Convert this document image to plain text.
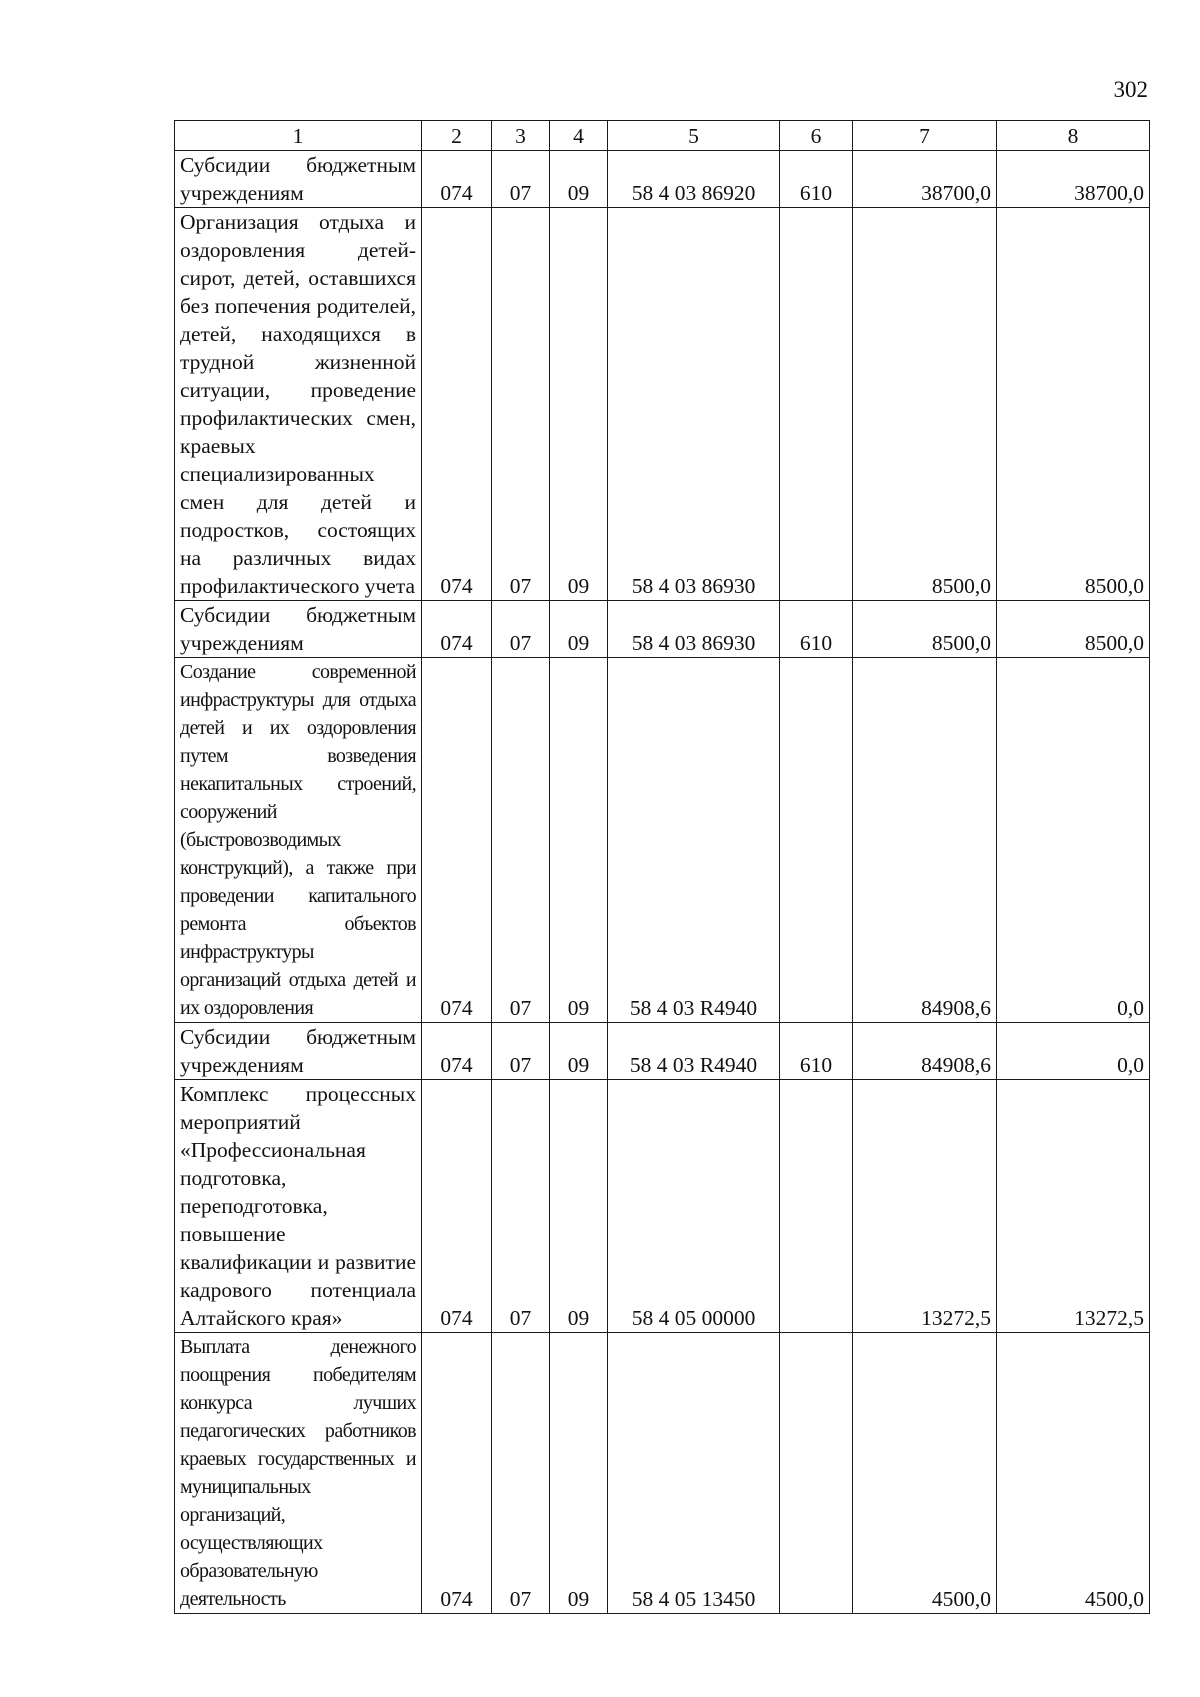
302
1	2	3	4	5	6	7	8
Субсидии бюджетным учреждениям	074	07	09	58 4 03 86920	610	38700,0	38700,0
Организация отдыха и оздоровления детей-сирот, детей, оставшихся без попечения родителей, детей, находящихся в трудной жизненной ситуации, проведение профилактических смен, краевых специализированных смен для детей и подростков, состоящих на различных видах профилактического учета	074	07	09	58 4 03 86930		8500,0	8500,0
Субсидии бюджетным учреждениям	074	07	09	58 4 03 86930	610	8500,0	8500,0
Создание современной инфраструктуры для отдыха детей и их оздоровления путем возведения некапитальных строений, сооружений (быстровозводимых конструкций), а также при проведении капитального ремонта объектов инфраструктуры организаций отдыха детей и их оздоровления	074	07	09	58 4 03 R4940		84908,6	0,0
Субсидии бюджетным учреждениям	074	07	09	58 4 03 R4940	610	84908,6	0,0
Комплекс процессных мероприятий «Профессиональная подготовка, переподготовка, повышение квалификации и развитие кадрового потенциала Алтайского края»	074	07	09	58 4 05 00000		13272,5	13272,5
Выплата денежного поощрения победителям конкурса лучших педагогических работников краевых государственных и муниципальных организаций, осуществляющих образовательную деятельность	074	07	09	58 4 05 13450		4500,0	4500,0
